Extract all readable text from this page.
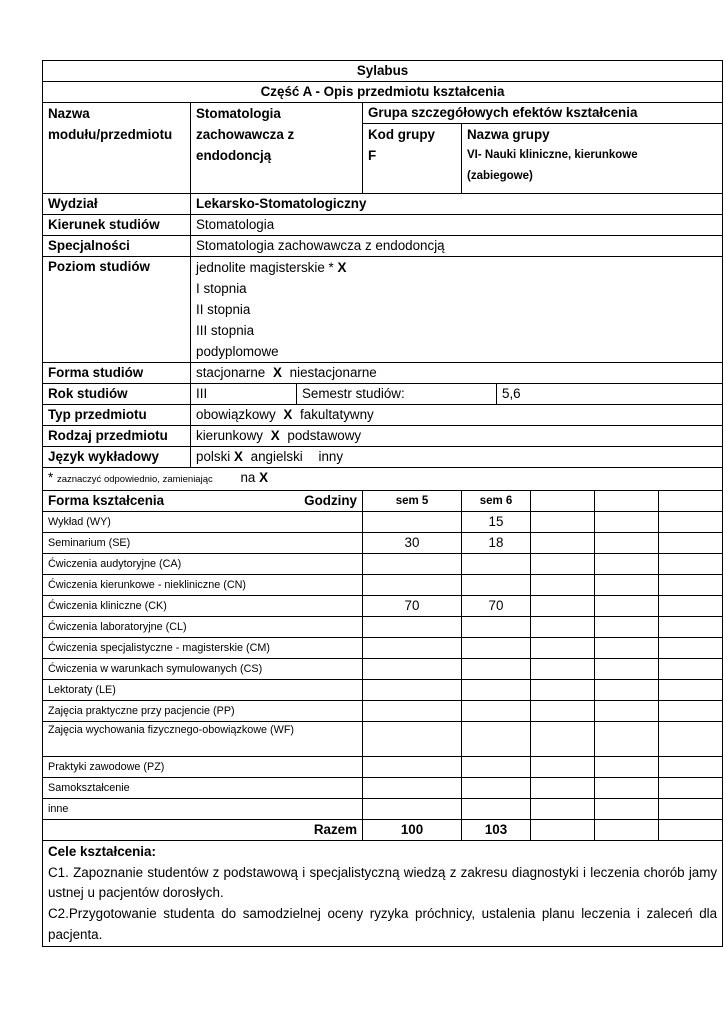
Sylabus								
Część A - Opis przedmiotu kształcenia								

Nazwa
modułu/przedmiotu	Stomatologia
zachowawcza z
endodoncją		Grupa szczegółowych efektów kształcenia					

			Kod grupy
F	Nazwa grupy
VI- Nauki kliniczne, kierunkowe
(zabiegowe)				

Wydział	Lekarsko-Stomatologiczny							
Kierunek studiów	Stomatologia							
Specjalności	Stomatologia zachowawcza z endodoncją							
Poziom studiów	jednolite magisterskie * X
I stopnia
II stopnia
III stopnia
podyplomowe							

Forma studiów	stacjonarne X niestacjonarne							
Rok studiów	III	Semestr studiów:			5,6			
Typ przedmiotu	obowiązkowy X fakultatywny							
Rodzaj przedmiotu	kierunkowy X podstawowy							
Język wykładowy	polski X angielski inny							
* zaznaczyć odpowiednio, zamieniając na X								
Forma kształcenia Godziny			sem 5	sem 6				
Wykład (WY)				15				
Seminarium (SE)			30	18				
Ćwiczenia audytoryjne (CA)								
Ćwiczenia kierunkowe - niekliniczne (CN)								
Ćwiczenia kliniczne (CK)			70	70				
Ćwiczenia laboratoryjne (CL)								
Ćwiczenia specjalistyczne - magisterskie (CM)								
Ćwiczenia w warunkach symulowanych (CS)								
Lektoraty (LE)								
Zajęcia praktyczne przy pacjencie (PP)								
Zajęcia wychowania fizycznego-obowiązkowe (WF)								
Praktyki zawodowe (PZ)								
Samokształcenie								
inne								
Razem			100	103				

Cele kształcenia:
C1. Zapoznanie studentów z podstawową i specjalistyczną wiedzą z zakresu diagnostyki i leczenia chorób jamy ustnej u pacjentów dorosłych.
C2.Przygotowanie studenta do samodzielnej oceny ryzyka próchnicy, ustalenia planu leczenia i zaleceń dla pacjenta.								
